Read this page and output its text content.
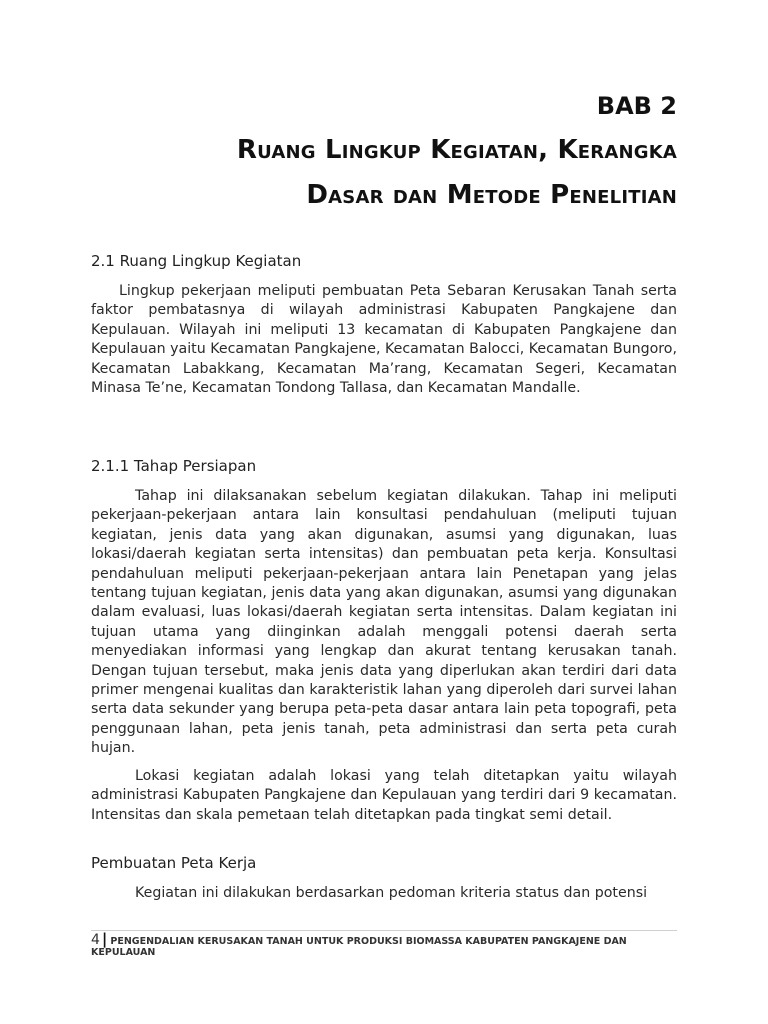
BAB 2
Ruang Lingkup Kegiatan, Kerangka
Dasar dan Metode Penelitian
2.1 Ruang Lingkup Kegiatan
Lingkup pekerjaan meliputi pembuatan Peta Sebaran Kerusakan Tanah serta faktor pembatasnya di wilayah administrasi Kabupaten Pangkajene dan Kepulauan. Wilayah ini meliputi 13 kecamatan di Kabupaten Pangkajene dan Kepulauan yaitu Kecamatan Pangkajene, Kecamatan Balocci, Kecamatan Bungoro, Kecamatan Labakkang, Kecamatan Ma’rang, Kecamatan Segeri, Kecamatan Minasa Te’ne, Kecamatan Tondong Tallasa, dan Kecamatan Mandalle.
2.1.1 Tahap Persiapan
Tahap ini dilaksanakan sebelum kegiatan dilakukan. Tahap ini meliputi pekerjaan-pekerjaan antara lain konsultasi pendahuluan (meliputi tujuan kegiatan, jenis data yang akan digunakan, asumsi yang digunakan, luas lokasi/daerah kegiatan serta intensitas) dan pembuatan peta kerja. Konsultasi pendahuluan meliputi pekerjaan-pekerjaan antara lain Penetapan yang jelas tentang tujuan kegiatan, jenis data yang akan digunakan, asumsi yang digunakan dalam evaluasi, luas lokasi/daerah kegiatan serta intensitas. Dalam kegiatan ini tujuan utama yang diinginkan adalah menggali potensi daerah serta menyediakan informasi yang lengkap dan akurat tentang kerusakan tanah. Dengan tujuan tersebut, maka jenis data yang diperlukan akan terdiri dari data primer mengenai kualitas dan karakteristik lahan yang diperoleh dari survei lahan serta data sekunder yang berupa peta-peta dasar antara lain peta topografi, peta penggunaan lahan, peta jenis tanah, peta administrasi dan serta peta curah hujan.
Lokasi kegiatan adalah lokasi yang telah ditetapkan yaitu wilayah administrasi Kabupaten Pangkajene dan Kepulauan yang terdiri dari 9 kecamatan. Intensitas dan skala pemetaan telah ditetapkan pada tingkat semi detail.
Pembuatan Peta Kerja
Kegiatan ini dilakukan berdasarkan pedoman kriteria status dan potensi
4 | PENGENDALIAN KERUSAKAN TANAH UNTUK PRODUKSI BIOMASSA KABUPATEN PANGKAJENE DAN KEPULAUAN
